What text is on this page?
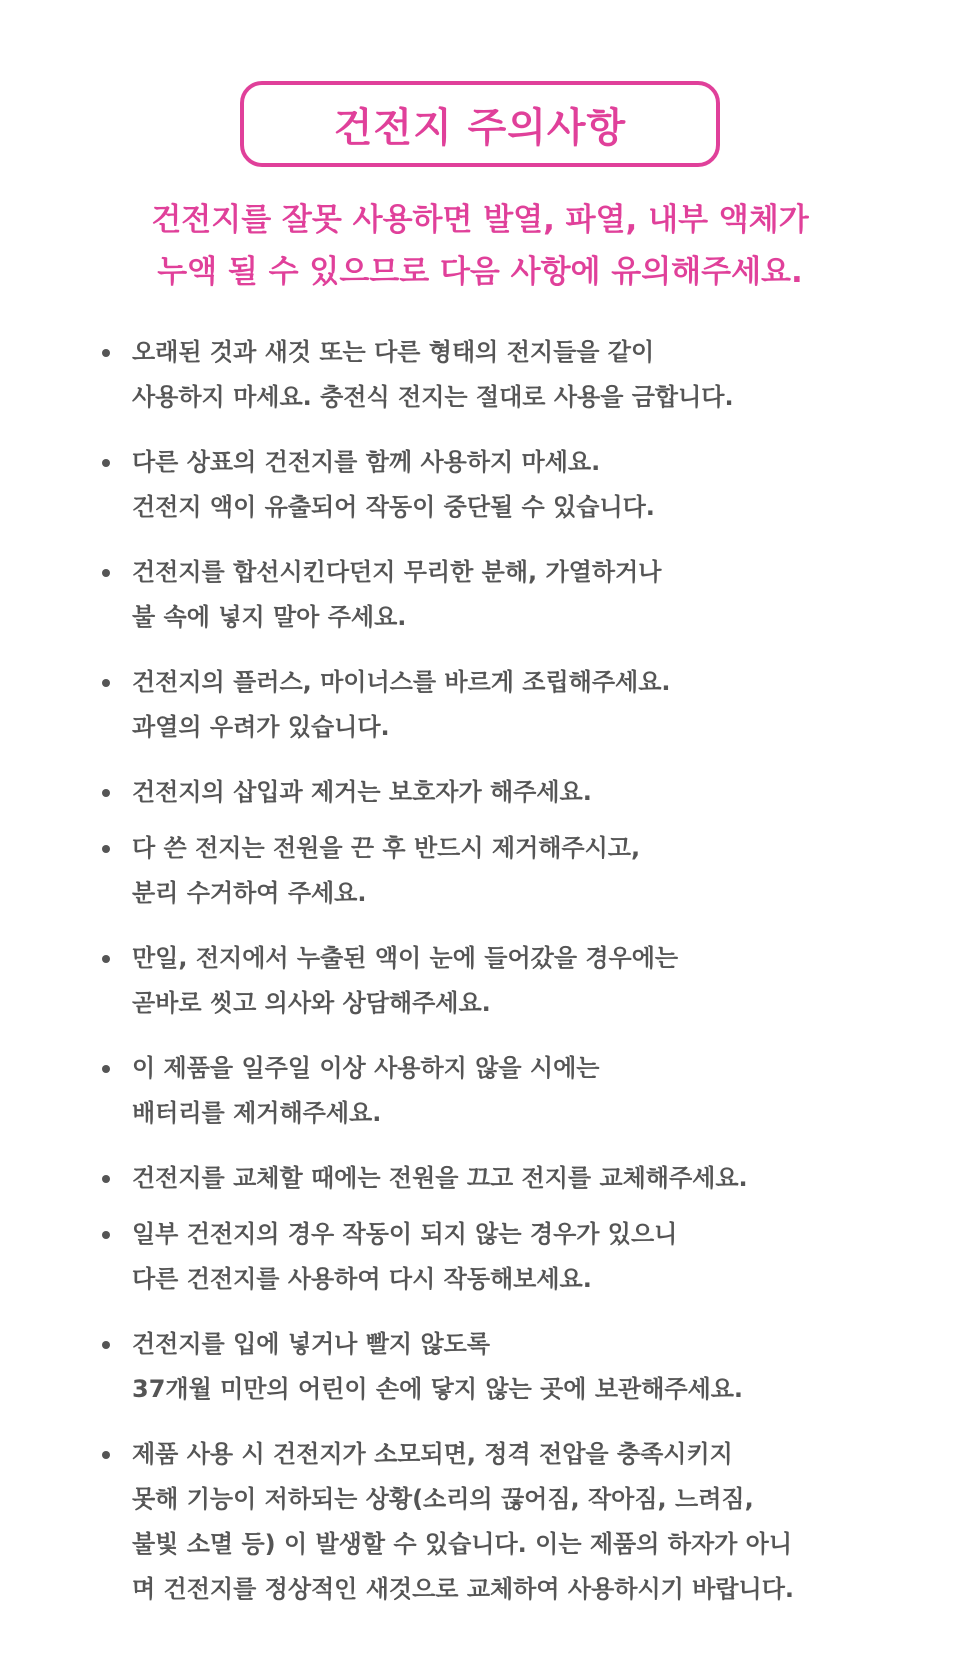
건전지 주의사항
건전지를 잘못 사용하면 발열, 파열, 내부 액체가
누액 될 수 있으므로 다음 사항에 유의해주세요.
오래된 것과 새것 또는 다른 형태의 전지들을 같이
사용하지 마세요. 충전식 전지는 절대로 사용을 금합니다.
다른 상표의 건전지를 함께 사용하지 마세요.
건전지 액이 유출되어 작동이 중단될 수 있습니다.
건전지를 합선시킨다던지 무리한 분해, 가열하거나
불 속에 넣지 말아 주세요.
건전지의 플러스, 마이너스를 바르게 조립해주세요.
과열의 우려가 있습니다.
건전지의 삽입과 제거는 보호자가 해주세요.
다 쓴 전지는 전원을 끈 후 반드시 제거해주시고,
분리 수거하여 주세요.
만일, 전지에서 누출된 액이 눈에 들어갔을 경우에는
곧바로 씻고 의사와 상담해주세요.
이 제품을 일주일 이상 사용하지 않을 시에는
배터리를 제거해주세요.
건전지를 교체할 때에는 전원을 끄고 전지를 교체해주세요.
일부 건전지의 경우 작동이 되지 않는 경우가 있으니
다른 건전지를 사용하여 다시 작동해보세요.
건전지를 입에 넣거나 빨지 않도록
37개월 미만의 어린이 손에 닿지 않는 곳에 보관해주세요.
제품 사용 시 건전지가 소모되면, 정격 전압을 충족시키지
못해 기능이 저하되는 상황(소리의 끊어짐, 작아짐, 느려짐,
불빛 소멸 등) 이 발생할 수 있습니다. 이는 제품의 하자가 아니
며 건전지를 정상적인 새것으로 교체하여 사용하시기 바랍니다.
